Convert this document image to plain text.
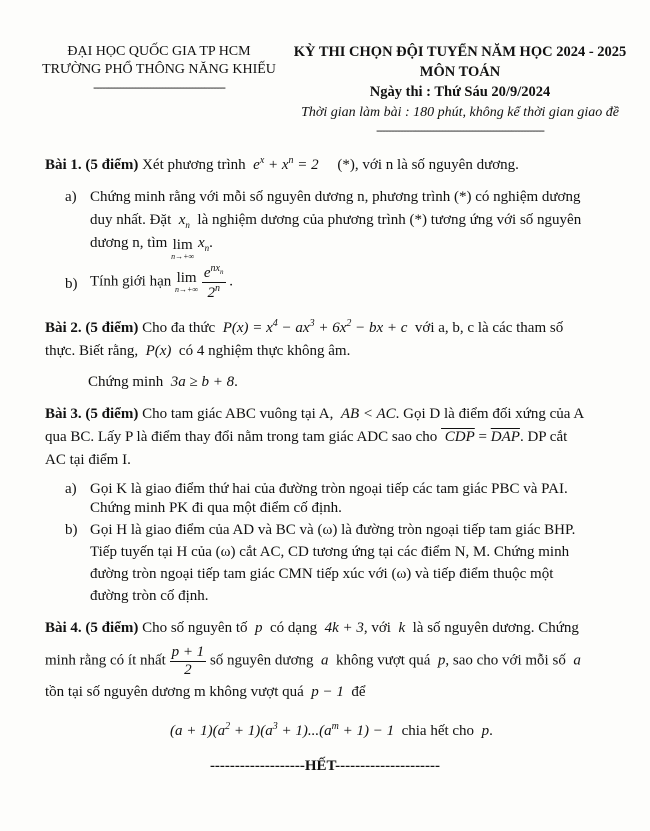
ĐẠI HỌC QUỐC GIA TP HCM
TRƯỜNG PHỔ THÔNG NĂNG KHIẾU
--------------------------------------------
KỲ THI CHỌN ĐỘI TUYỂN NĂM HỌC 2024 - 2025
MÔN TOÁN
Ngày thi : Thứ Sáu 20/9/2024
Thời gian làm bài : 180 phút, không kể thời gian giao đề
--------------------------------------------------------
Bài 1. (5 điểm) Xét phương trình  $e^x + x^n = 2$     (*), với n là số nguyên dương.
a) Chứng minh rằng với mỗi số nguyên dương n, phương trình (*) có nghiệm dương
duy nhất. Đặt  $x_n$ là nghiệm dương của phương trình (*) tương ứng với số nguyên
dương n, tìm lim
n→+∞
$x_n$.
b) Tính giới hạn lim
n→+∞
$\frac{e^{nx_n}}{2^n}$ .
Bài 2. (5 điểm) Cho đa thức  $P(x) = x^4 - ax^3 + 6x^2$ − bx + c  với a, b, c là các tham số
thực. Biết rằng,  P(x)  có 4 nghiệm thực không âm.
Chứng minh  3a ≥ b + 8.
Bài 3. (5 điểm) Cho tam giác ABC vuông tại A,  AB < AC. Gọi D là điểm đối xứng của A
qua BC. Lấy P là điểm thay đổi nằm trong tam giác ADC sao cho  CDP = $\overline{DAP}$. DP cắt
AC tại điểm I.
a) Gọi K là giao điểm thứ hai của đường tròn ngoại tiếp các tam giác PBC và PAI.
Chứng minh PK đi qua một điểm cố định.
b) Gọi H là giao điểm của AD và BC và (ω) là đường tròn ngoại tiếp tam giác BHP.
Tiếp tuyến tại H của (ω) cắt AC, CD tương ứng tại các điểm N, M. Chứng minh
đường tròn ngoại tiếp tam giác CMN tiếp xúc với (ω) và tiếp điểm thuộc một
đường tròn cố định.
Bài 4. (5 điểm) Cho số nguyên tố  p  có dạng  4k + 3, với  k  là số nguyên dương. Chứng
minh rằng có ít nhất $\frac{p + 1}{2}$ số nguyên dương  a  không vượt quá  p, sao cho với mỗi số  a
tồn tại số nguyên dương m không vượt quá  p − 1  để
$(a + 1)(a^2 + 1)(a^3 + 1)...(a^m + 1) - 1$  chia hết cho  p.
-------------------HẾT---------------------
